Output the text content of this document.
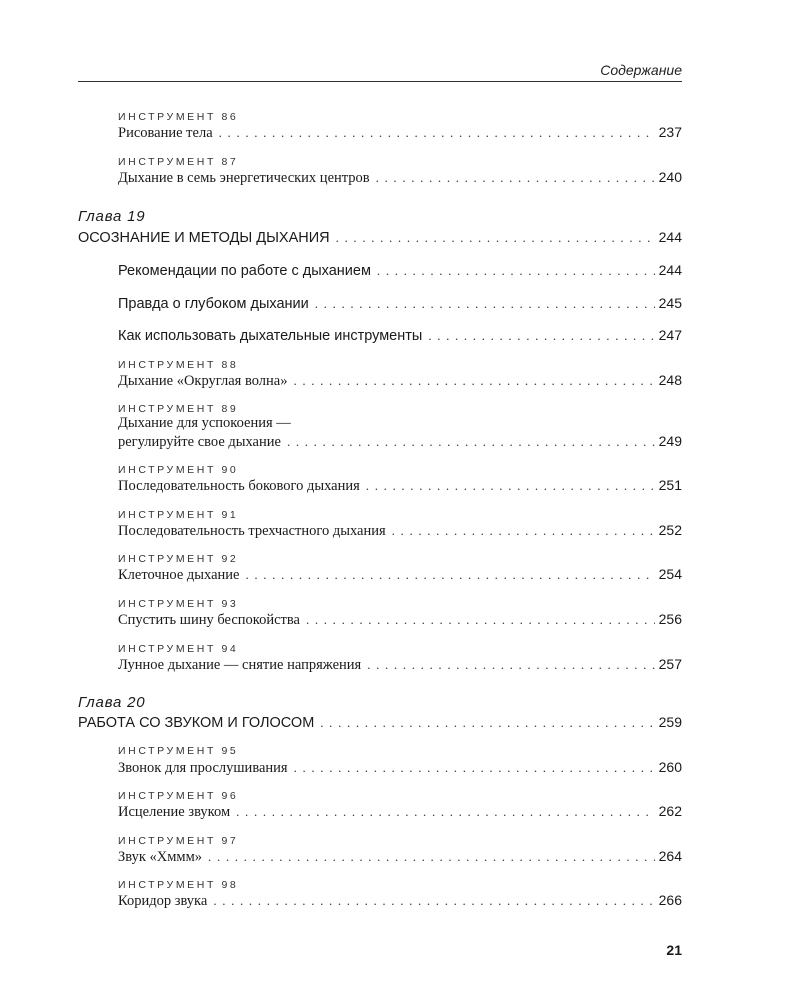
Содержание
ИНСТРУМЕНТ 86
Рисование тела . . .	237
ИНСТРУМЕНТ 87
Дыхание в семь энергетических центров . . .	240
Глава 19
ОСОЗНАНИЕ И МЕТОДЫ ДЫХАНИЯ . . .	244
Рекомендации по работе с дыханием . . .	244
Правда о глубоком дыхании . . .	245
Как использовать дыхательные инструменты . . .	247
ИНСТРУМЕНТ 88
Дыхание «Округлая волна» . . .	248
ИНСТРУМЕНТ 89
Дыхание для успокоения —
регулируйте свое дыхание . . .	249
ИНСТРУМЕНТ 90
Последовательность бокового дыхания . . .	251
ИНСТРУМЕНТ 91
Последовательность трехчастного дыхания . . .	252
ИНСТРУМЕНТ 92
Клеточное дыхание . . .	254
ИНСТРУМЕНТ 93
Спустить шину беспокойства . . .	256
ИНСТРУМЕНТ 94
Лунное дыхание — снятие напряжения . . .	257
Глава 20
РАБОТА СО ЗВУКОМ И ГОЛОСОМ . . .	259
ИНСТРУМЕНТ 95
Звонок для прослушивания . . .	260
ИНСТРУМЕНТ 96
Исцеление звуком . . .	262
ИНСТРУМЕНТ 97
Звук «Хммм» . . .	264
ИНСТРУМЕНТ 98
Коридор звука . . .	266
21
